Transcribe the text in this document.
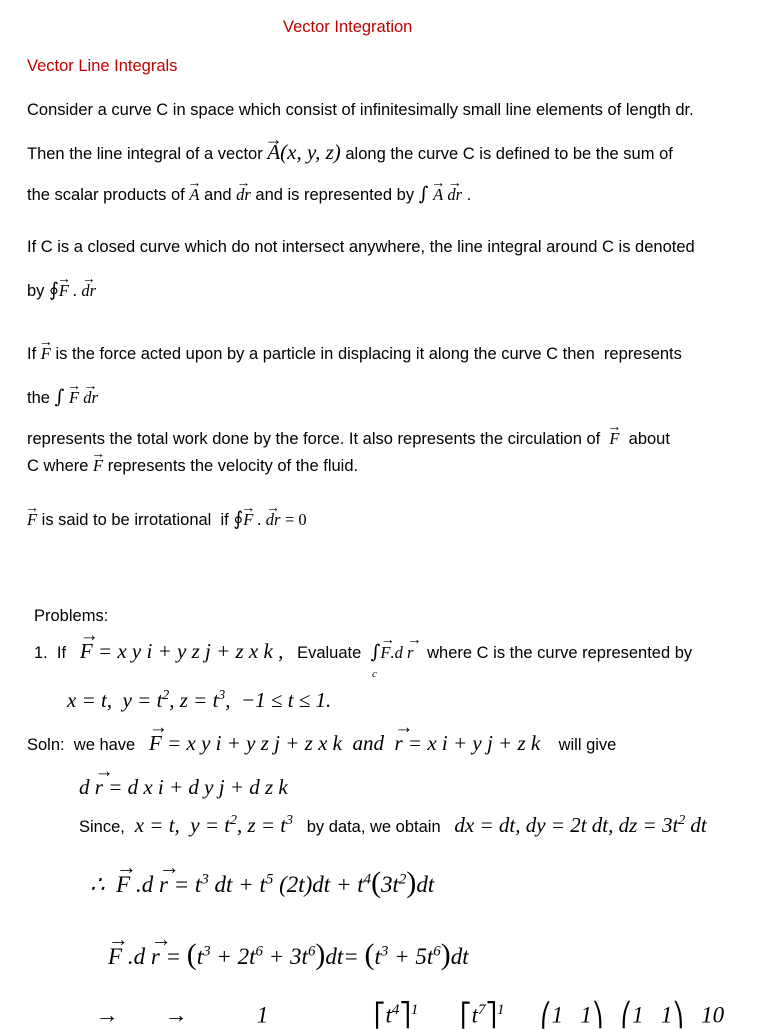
Vector Integration
Vector Line Integrals
Consider a curve C in space which consist of infinitesimally small line elements of length dr.
Then the line integral of a vector → A(x, y, z) along the curve C is defined to be the sum of
the scalar products of → A and → dr and is represented by ∫ → A → dr .
If C is a closed curve which do not intersect anywhere, the line integral around C is denoted
by ∮→ F . → dr
If → F is the force acted upon by a particle in displacing it along the curve C then  represents
the ∫ → F → dr
represents the total work done by the force. It also represents the circulation of  → F  about
C where → F represents the velocity of the fluid.
→ F is said to be irrotational  if ∮→ F . → dr = 0
Problems:
1.  If   → F = x y i + y z j + z x k ,   Evaluate  ∫→ F.d → r   where C is the curve represented by
c
x = t,  $y = t^2$, $z = t^3$,  −1 ≤ t ≤ 1.
Soln:  we have   → F = x y i + y z j + z x k  and  → r = x i + y j + z k    will give
d → r = d x i + d y j + d z k
Since,  x = t,  $y = t^2$, $z = t^3$   by data, we obtain   dx = dt, dy = 2t dt, dz = $3t^2$ dt
∴  → F $.d \to r = t^3$ dt + $t^5$ $(2t)dt + t^4(3t^2)dt$
→ F $.d \to r = (t^3 + 2t^6 + 3t^6)dt= (t^3 + 5t^6)dt$
→        →            1	$⎡t^4⎤^1$ $⎡t^7⎤^1$ ⎛1   1⎞   ⎛1   1⎞   10
